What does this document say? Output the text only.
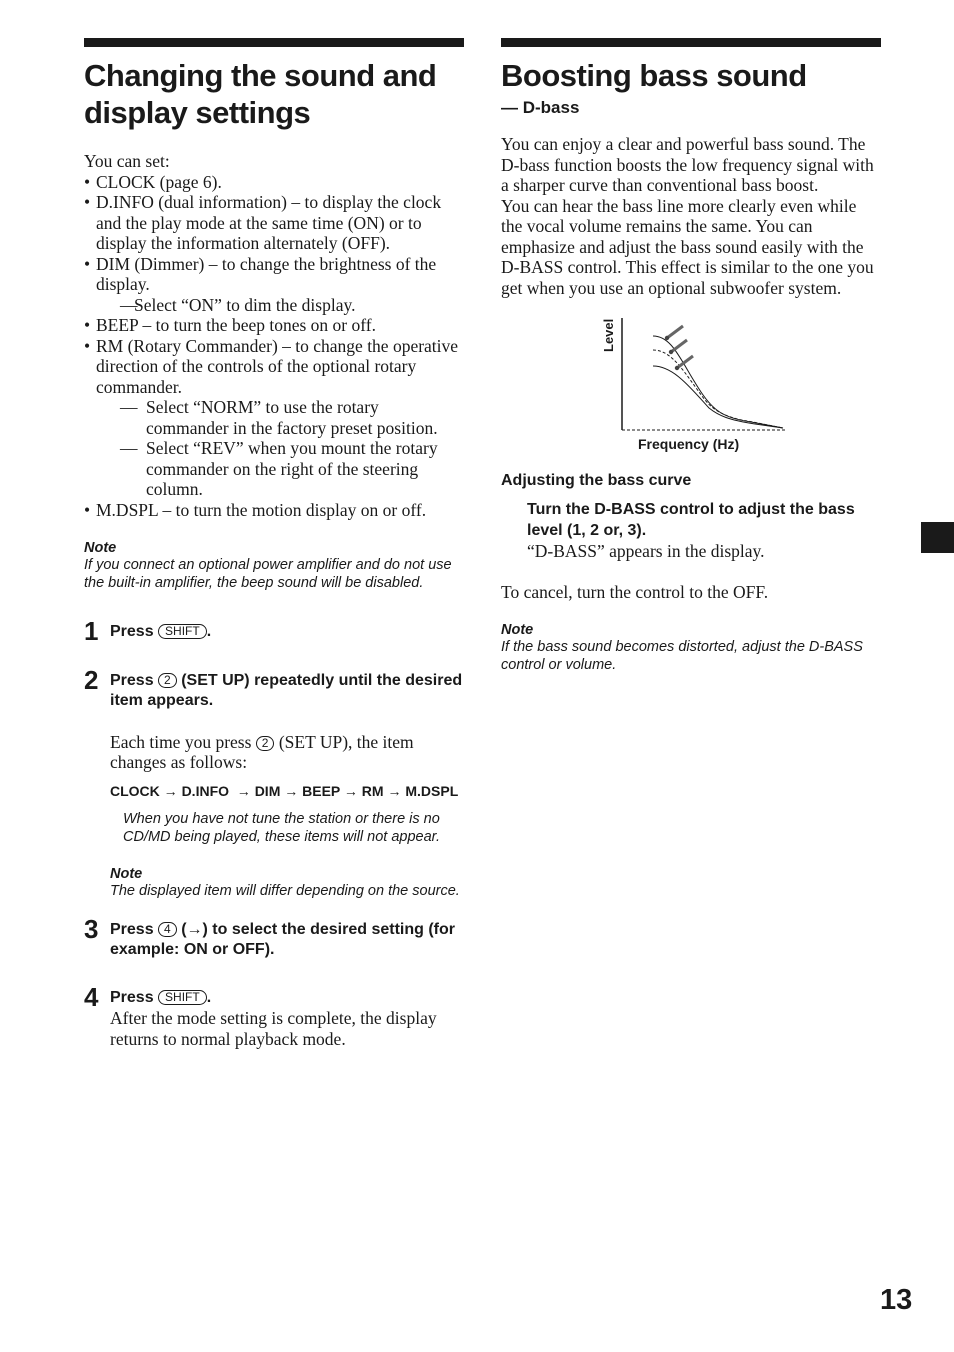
Changing the sound and display settings
You can set:
• CLOCK (page 6).
• D.INFO (dual information) – to display the clock and the play mode at the same time (ON) or to display the information alternately (OFF).
• DIM (Dimmer) – to change the brightness of the display.
— Select “ON” to dim the display.
• BEEP – to turn the beep tones on or off.
• RM (Rotary Commander) – to change the operative direction of the controls of the optional rotary commander.
— Select “NORM” to use the rotary commander in the factory preset position.
— Select “REV” when you mount the rotary commander on the right of the steering column.
• M.DSPL – to turn the motion display on or off.
Note
If you connect an optional power amplifier and do not use the built-in amplifier, the beep sound will be disabled.
1 Press SHIFT .
2 Press 2 (SET UP) repeatedly until the desired item appears.
Each time you press 2 (SET UP), the item changes as follows:
CLOCK → D.INFO → DIM → BEEP → RM → M.DSPL
When you have not tune the station or there is no CD/MD being played, these items will not appear.
Note
The displayed item will differ depending on the source.
3 Press 4 (→) to select the desired setting (for example: ON or OFF).
4 Press SHIFT .
After the mode setting is complete, the display returns to normal playback mode.
Boosting bass sound
— D-bass
You can enjoy a clear and powerful bass sound. The D-bass function boosts the low frequency signal with a sharper curve than conventional bass boost.
You can hear the bass line more clearly even while the vocal volume remains the same. You can emphasize and adjust the bass sound easily with the D-BASS control. This effect is similar to the one you get when you use an optional subwoofer system.
Level
Frequency (Hz)
Adjusting the bass curve
Turn the D-BASS control to adjust the bass level (1, 2 or, 3).
“D-BASS” appears in the display.
To cancel, turn the control to the OFF.
Note
If the bass sound becomes distorted, adjust the D-BASS control or volume.
13
